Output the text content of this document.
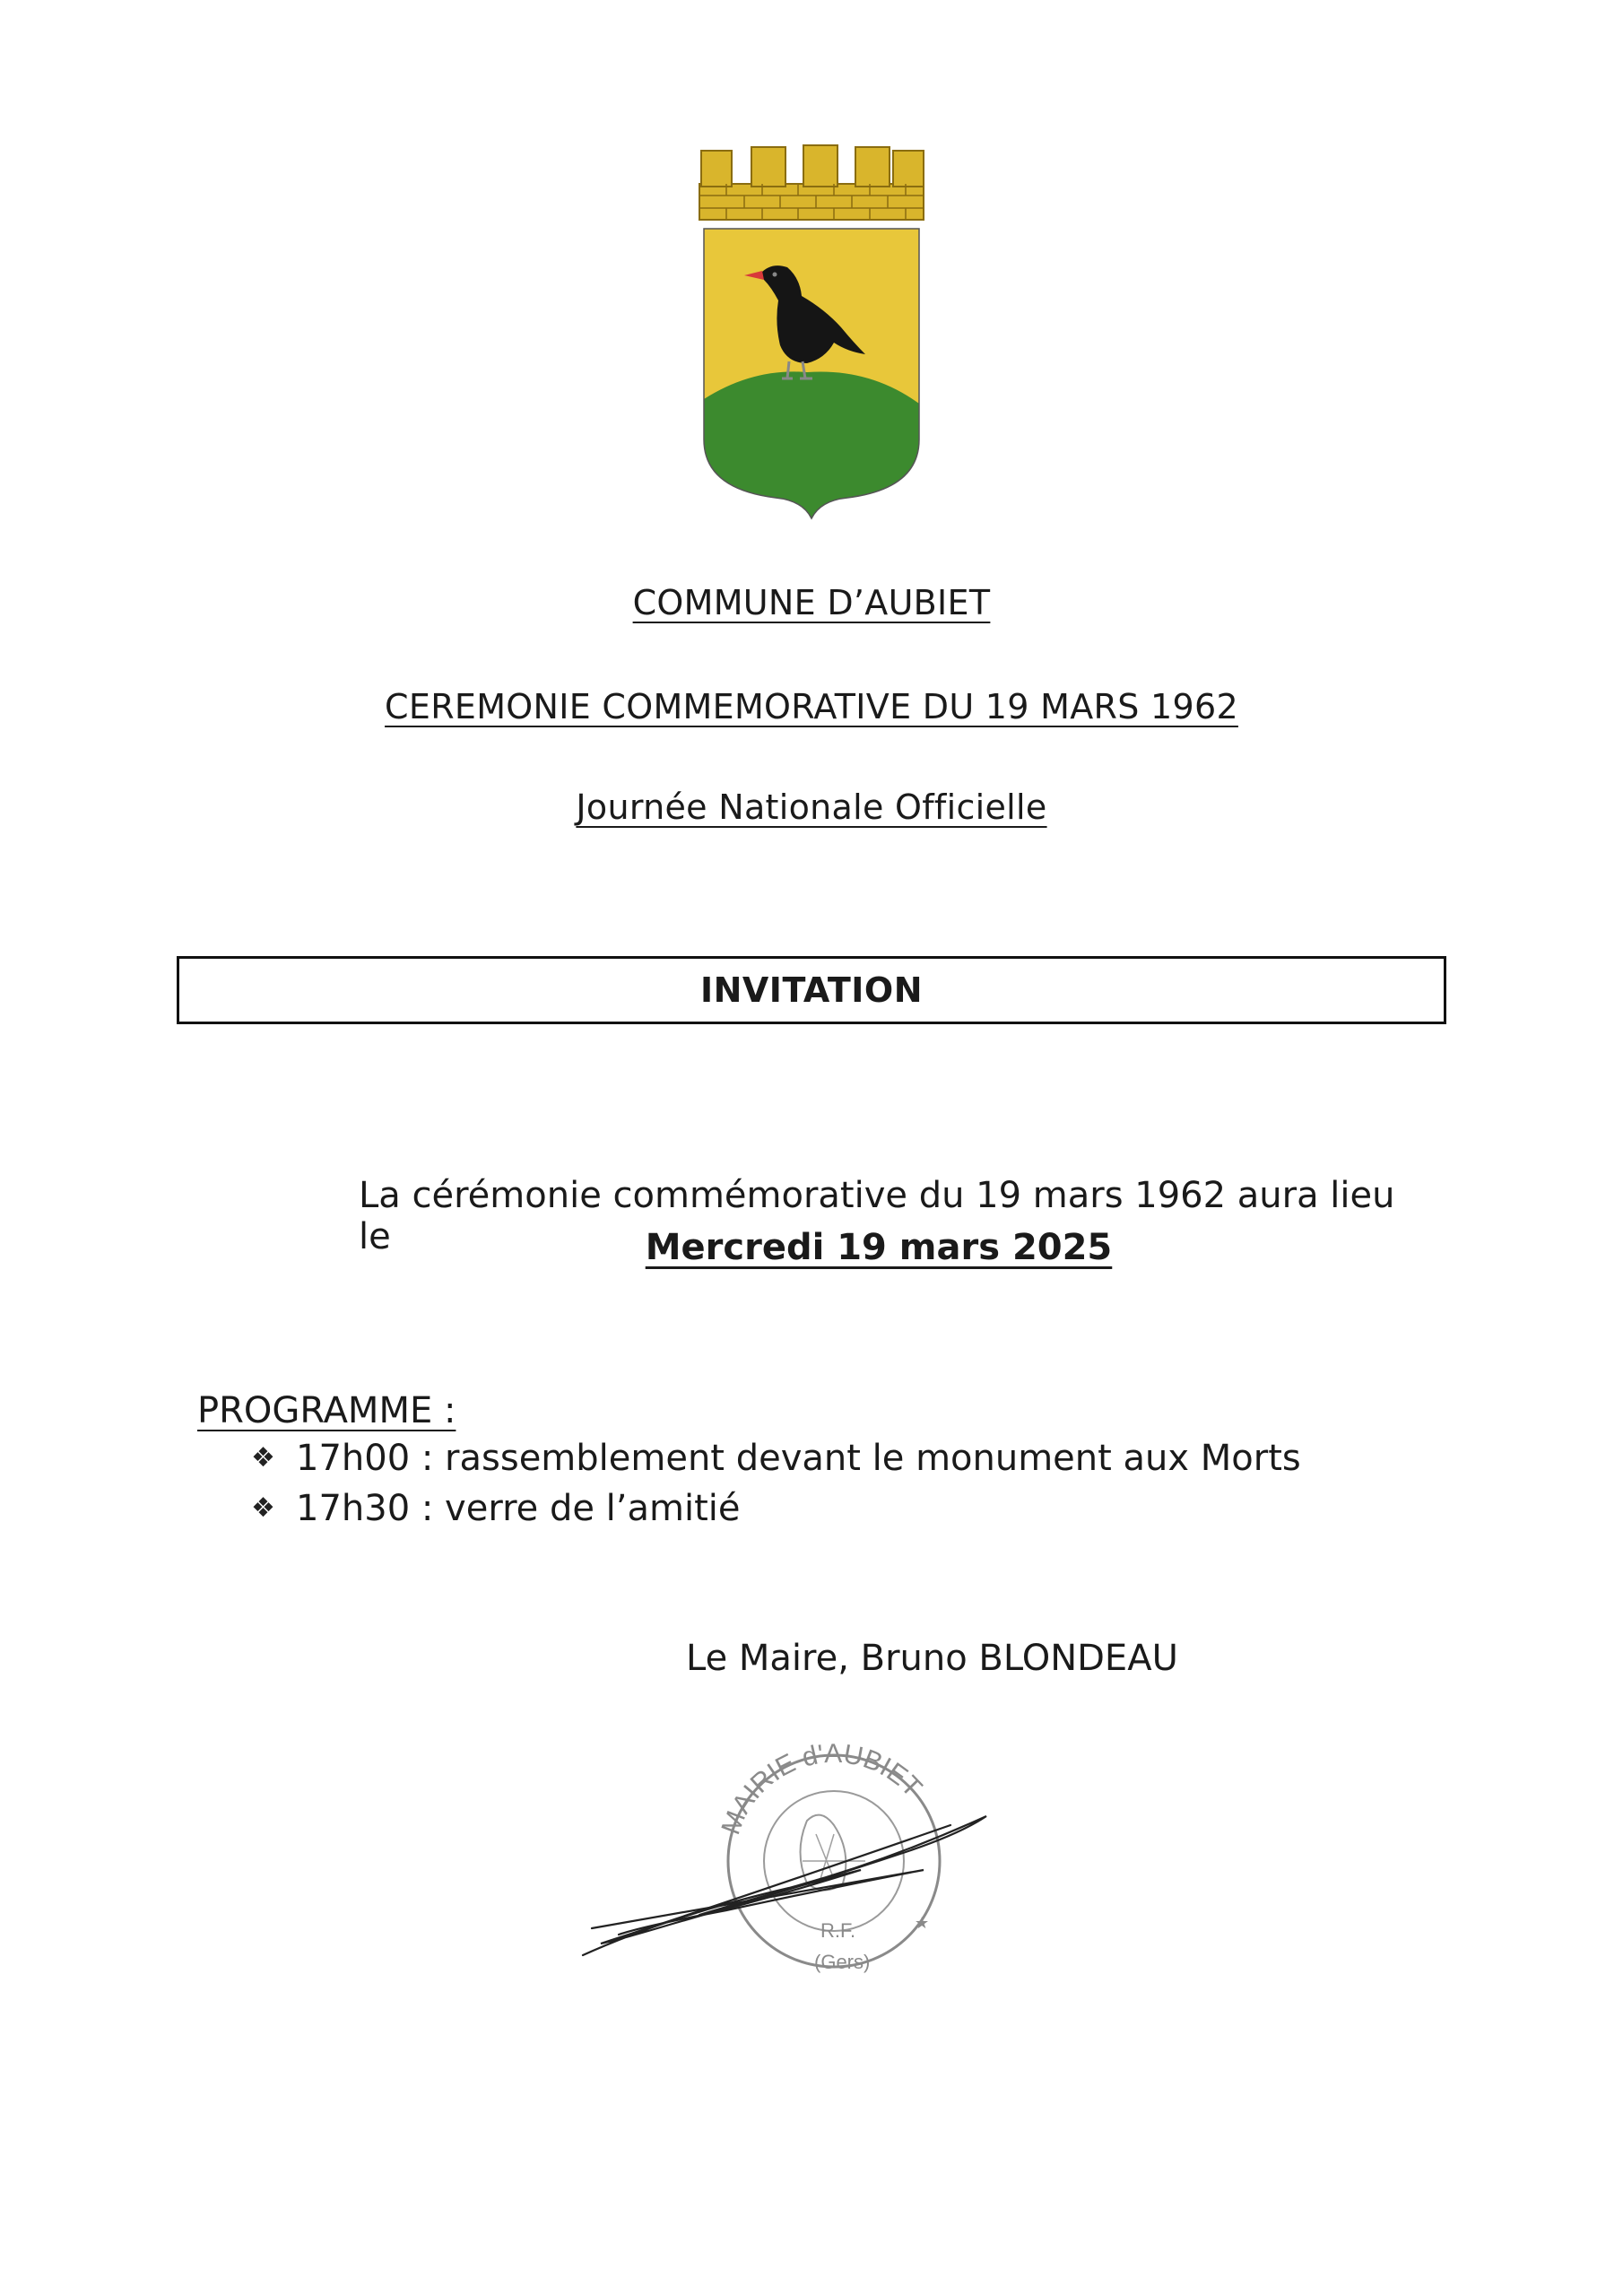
COMMUNE D’AUBIET
CEREMONIE COMMEMORATIVE DU 19 MARS 1962
Journée Nationale Officielle
INVITATION
La cérémonie commémorative du 19 mars 1962 aura lieu le	Mercredi 19 mars 2025
PROGRAMME :
❖ 17h00 : rassemblement devant le monument aux Morts
❖ 17h30 : verre de l’amitié
Le Maire, Bruno BLONDEAU
MAIRIE d'AUBIET
R.F.
(Gers)
★
